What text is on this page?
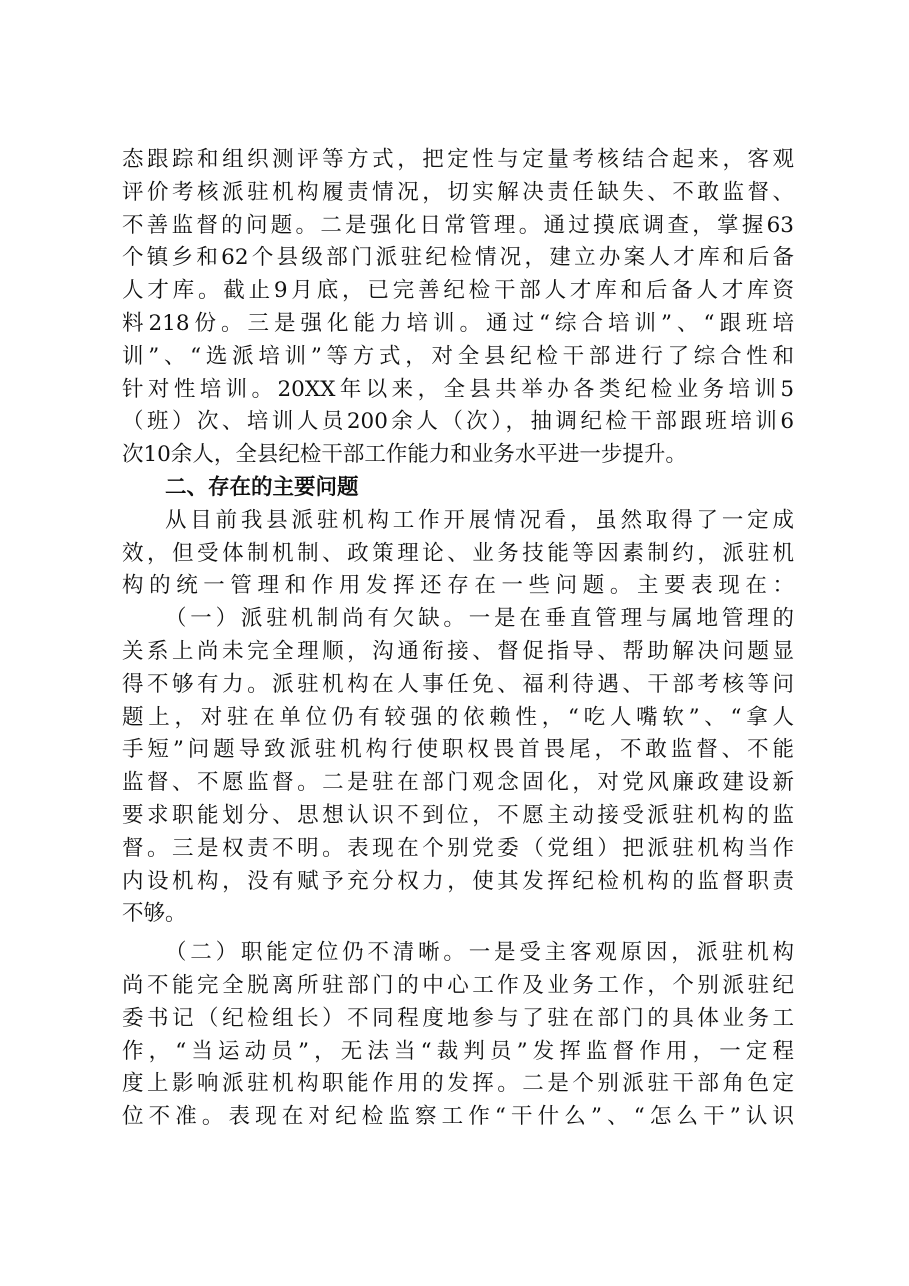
态跟踪和组织测评等方式，把定性与定量考核结合起来，客观
评价考核派驻机构履责情况，切实解决责任缺失、不敢监督、
不善监督的问题。二是强化日常管理。通过摸底调查，掌握63
个镇乡和62个县级部门派驻纪检情况，建立办案人才库和后备
人才库。截止9月底，已完善纪检干部人才库和后备人才库资
料218份。三是强化能力培训。通过“综合培训”、“跟班培
训”、“选派培训”等方式，对全县纪检干部进行了综合性和
针对性培训。20XX年以来，全县共举办各类纪检业务培训5
（班）次、培训人员200余人（次），抽调纪检干部跟班培训6
次10余人，全县纪检干部工作能力和业务水平进一步提升。
二、存在的主要问题
从目前我县派驻机构工作开展情况看，虽然取得了一定成
效，但受体制机制、政策理论、业务技能等因素制约，派驻机
构的统一管理和作用发挥还存在一些问题。主要表现在：
（一）派驻机制尚有欠缺。一是在垂直管理与属地管理的
关系上尚未完全理顺，沟通衔接、督促指导、帮助解决问题显
得不够有力。派驻机构在人事任免、福利待遇、干部考核等问
题上，对驻在单位仍有较强的依赖性，“吃人嘴软”、“拿人
手短”问题导致派驻机构行使职权畏首畏尾，不敢监督、不能
监督、不愿监督。二是驻在部门观念固化，对党风廉政建设新
要求职能划分、思想认识不到位，不愿主动接受派驻机构的监
督。三是权责不明。表现在个别党委（党组）把派驻机构当作
内设机构，没有赋予充分权力，使其发挥纪检机构的监督职责
不够。
（二）职能定位仍不清晰。一是受主客观原因，派驻机构
尚不能完全脱离所驻部门的中心工作及业务工作，个别派驻纪
委书记（纪检组长）不同程度地参与了驻在部门的具体业务工
作，“当运动员”，无法当“裁判员”发挥监督作用，一定程
度上影响派驻机构职能作用的发挥。二是个别派驻干部角色定
位不准。表现在对纪检监察工作“干什么”、“怎么干”认识
